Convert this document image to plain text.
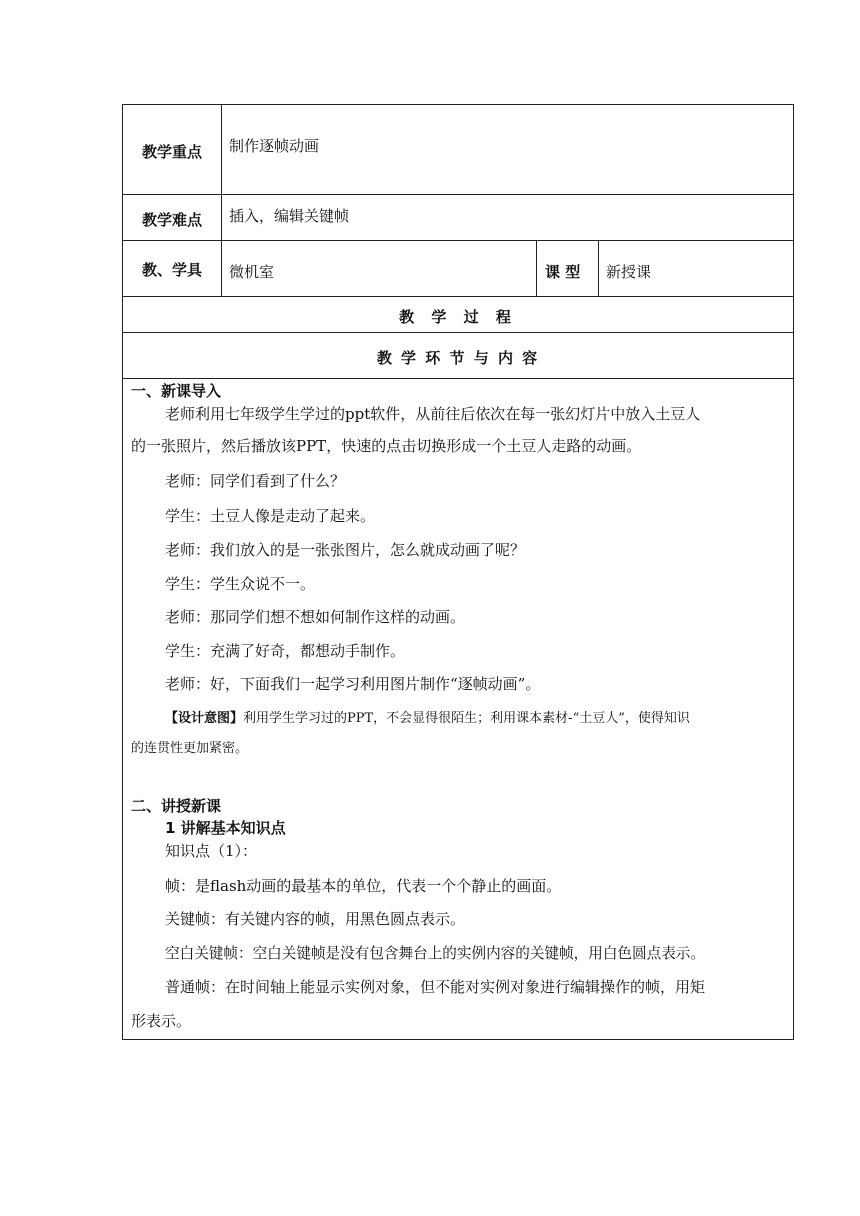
教学重点	制作逐帧动画
教学难点	插入，编辑关键帧
教、学具	微机室	课 型 新授课
教 学 过 程
教 学 环 节 与 内 容
一、新课导入
老师利用七年级学生学过的ppt软件，从前往后依次在每一张幻灯片中放入土豆人
的一张照片，然后播放该PPT，快速的点击切换形成一个土豆人走路的动画。
老师：同学们看到了什么？
学生：土豆人像是走动了起来。
老师：我们放入的是一张张图片，怎么就成动画了呢？
学生：学生众说不一。
老师：那同学们想不想如何制作这样的动画。
学生：充满了好奇，都想动手制作。
老师：好，下面我们一起学习利用图片制作“逐帧动画”。
【设计意图】利用学生学习过的PPT，不会显得很陌生；利用课本素材-“土豆人”，使得知识
的连贯性更加紧密。
二、讲授新课
1 讲解基本知识点
知识点（1）：
帧：是flash动画的最基本的单位，代表一个个静止的画面。
关键帧：有关键内容的帧，用黑色圆点表示。
空白关键帧：空白关键帧是没有包含舞台上的实例内容的关键帧，用白色圆点表示。
普通帧：在时间轴上能显示实例对象，但不能对实例对象进行编辑操作的帧，用矩
形表示。
